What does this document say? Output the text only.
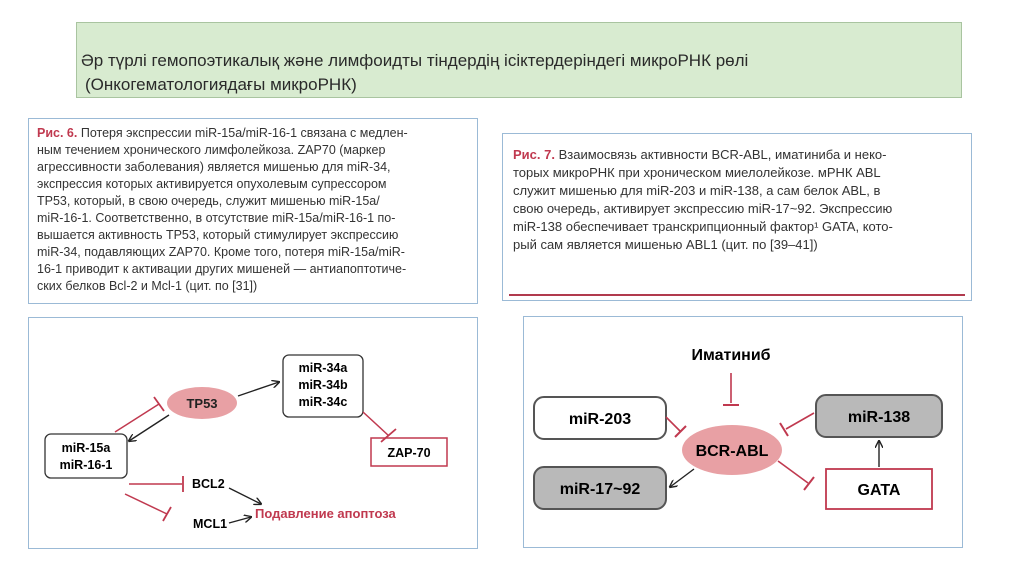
Әр түрлі гемопоэтикалық және лимфоидты тіндердің ісіктердеріндегі микроРНК рөлі
(Онкогематологиядағы микроРНК)
Рис. 6. Потеря экспрессии miR-15a/miR-16-1 связана с медлен-
ным течением хронического лимфолейкоза. ZAP70 (маркер
агрессивности заболевания) является мишенью для miR-34,
экспрессия которых активируется опухолевым супрессором
TP53, который, в свою очередь, служит мишенью miR-15a/
miR-16-1. Соответственно, в отсутствие miR-15a/miR-16-1 по-
вышается активность TP53, который стимулирует экспрессию
miR-34, подавляющих ZAP70. Кроме того, потеря miR-15a/miR-
16-1 приводит к активации других мишеней — антиапоптотиче-
ских белков Bcl-2 и Mcl-1 (цит. по [31])
Рис. 7. Взаимосвязь активности BCR-ABL, иматиниба и неко-
торых микроРНК при хроническом миелолейкозе. мРНК ABL
служит мишенью для miR-203 и miR-138, а сам белок ABL, в
свою очередь, активирует экспрессию miR-17~92. Экспрессию
miR-138 обеспечивает транскрипционный фактор¹ GATA, кото-
рый сам является мишенью ABL1 (цит. по [39–41])
TP53
miR-34a
miR-34b
miR-34c
miR-15a
miR-16-1
ZAP-70
BCL2
MCL1
Подавление апоптоза
Иматиниб
miR-203	miR-138
BCR-ABL
miR-17~92	GATA
